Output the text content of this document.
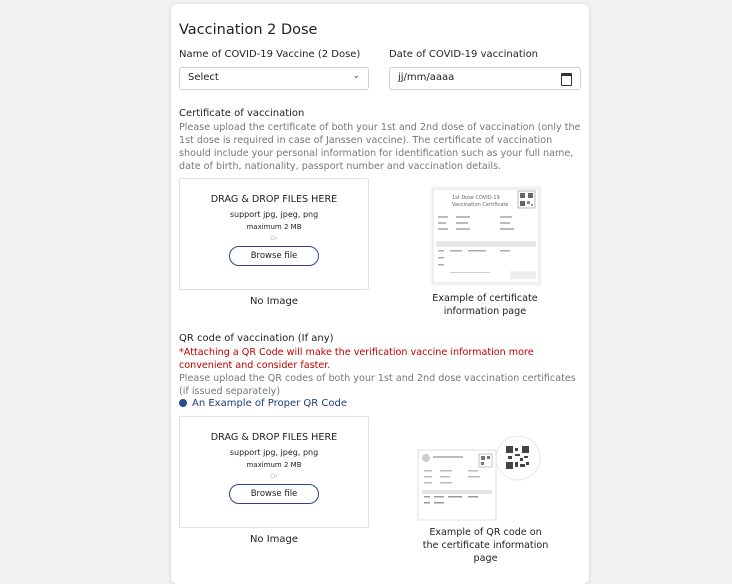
Vaccination 2 Dose
Name of COVID-19 Vaccine (2 Dose)	Date of COVID-19 vaccination
Select	⌄	jj/mm/aaaa
Certificate of vaccination
Please upload the certificate of both your 1st and 2nd dose of vaccination (only the 1st dose is required in case of Janssen vaccine). The certificate of vaccination should include your personal information for identification such as your full name, date of birth, nationality, passport number and vaccination details.
DRAG & DROP FILES HERE
support jpg, jpeg, png
maximum 2 MB
Or
Browse file
No Image
1st Dose COVID-19
Vaccination Certificate
Example of certificate
information page
QR code of vaccination (If any)
*Attaching a QR Code will make the verification vaccine information more convenient and consider faster.
Please upload the QR codes of both your 1st and 2nd dose vaccination certificates (if issued separately)
An Example of Proper QR Code
DRAG & DROP FILES HERE
support jpg, jpeg, png
maximum 2 MB
Or
Browse file
No Image
Example of QR code on
the certificate information
page
